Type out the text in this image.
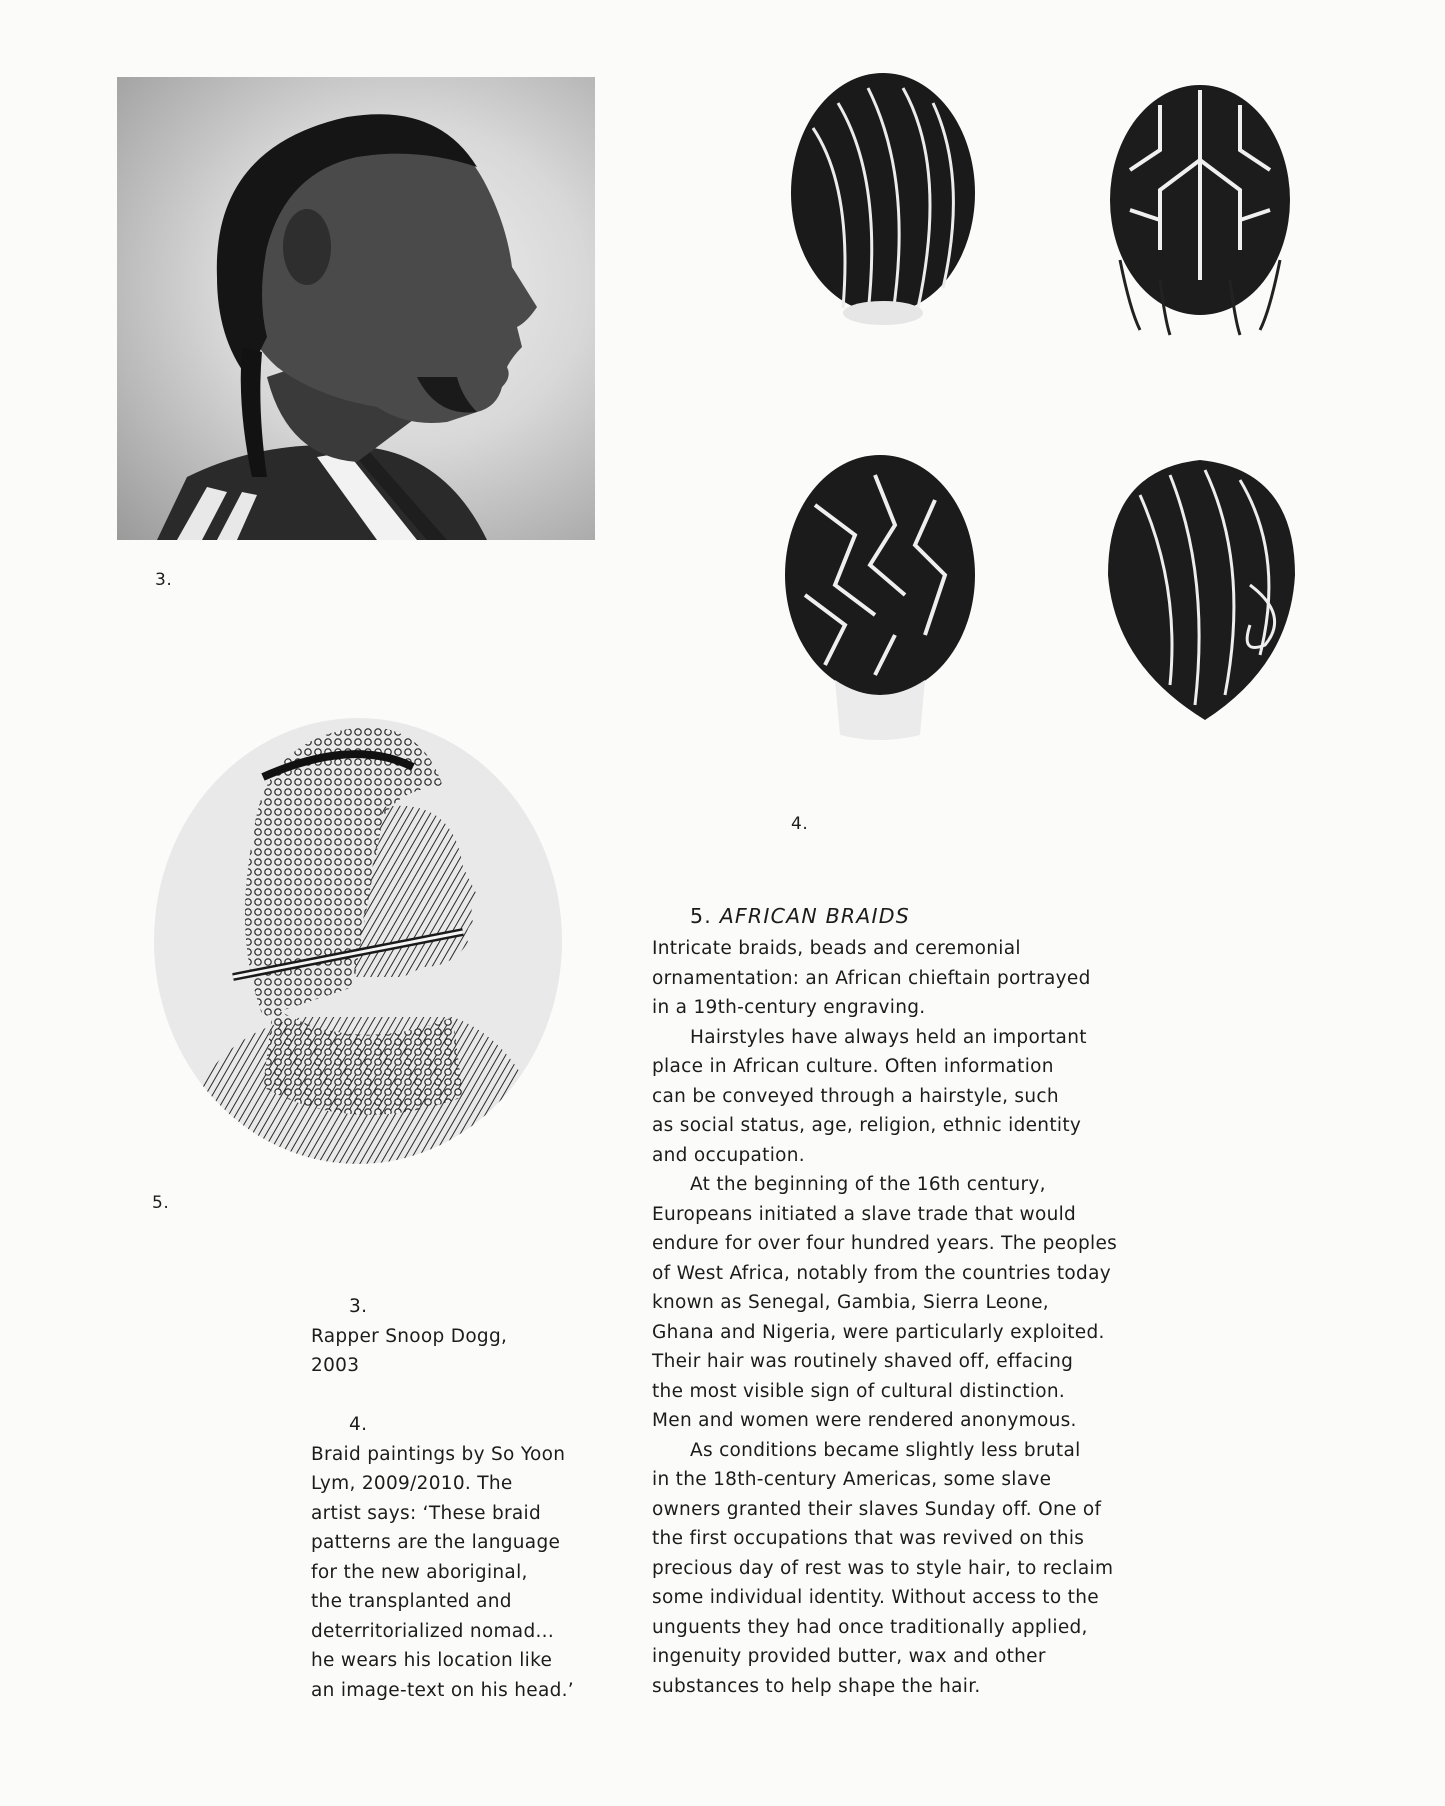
3.
4.
5.
3.
Rapper Snoop Dogg,
2003
4.
Braid paintings by So Yoon
Lym, 2009/2010. The
artist says: ‘These braid
patterns are the language
for the new aboriginal,
the transplanted and
deterritorialized nomad...
he wears his location like
an image-text on his head.’
5. AFRICAN BRAIDS

Intricate braids, beads and ceremonial
ornamentation: an African chieftain portrayed
in a 19th-century engraving.

Hairstyles have always held an important
place in African culture. Often information
can be conveyed through a hairstyle, such
as social status, age, religion, ethnic identity
and occupation.

At the beginning of the 16th century,
Europeans initiated a slave trade that would
endure for over four hundred years. The peoples
of West Africa, notably from the countries today
known as Senegal, Gambia, Sierra Leone,
Ghana and Nigeria, were particularly exploited.
Their hair was routinely shaved off, effacing
the most visible sign of cultural distinction.
Men and women were rendered anonymous.

As conditions became slightly less brutal
in the 18th-century Americas, some slave
owners granted their slaves Sunday off. One of
the first occupations that was revived on this
precious day of rest was to style hair, to reclaim
some individual identity. Without access to the
unguents they had once traditionally applied,
ingenuity provided butter, wax and other
substances to help shape the hair.
